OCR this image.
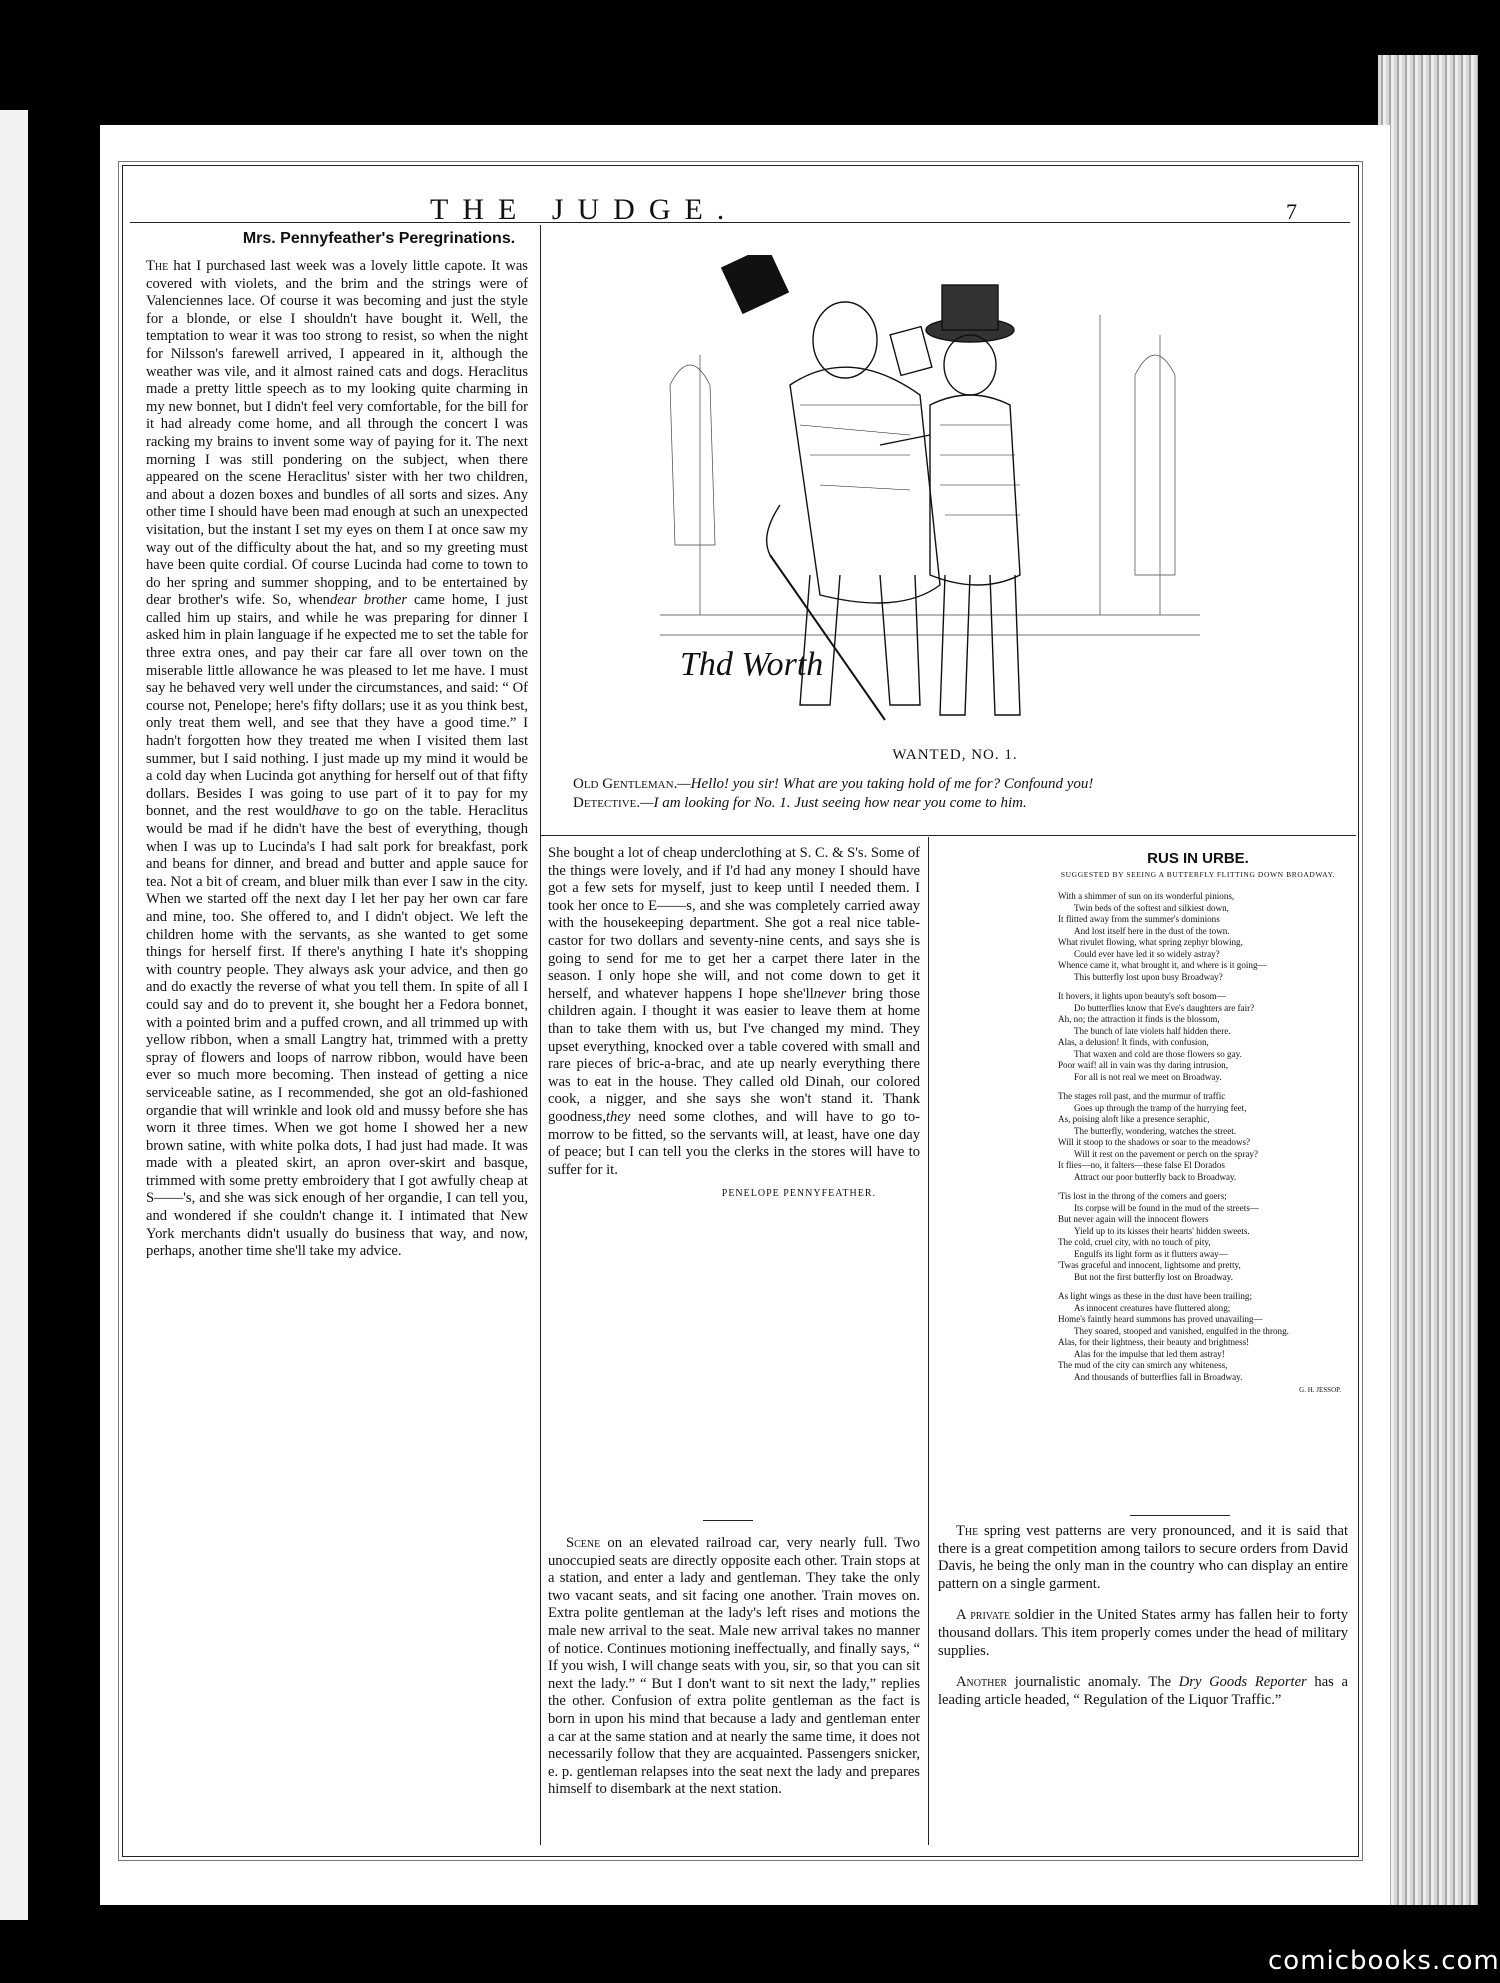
THE JUDGE.	7
Mrs. Pennyfeather's Peregrinations.

The hat I purchased last week was a lovely little capote. It was covered with violets, and the brim and the strings were of Valenciennes lace. Of course it was becoming and just the style for a blonde, or else I shouldn't have bought it. Well, the temptation to wear it was too strong to resist, so when the night for Nilsson's farewell arrived, I appeared in it, although the weather was vile, and it almost rained cats and dogs. Heraclitus made a pretty little speech as to my looking quite charming in my new bonnet, but I didn't feel very comfortable, for the bill for it had already come home, and all through the concert I was racking my brains to invent some way of paying for it. The next morning I was still pondering on the subject, when there appeared on the scene Heraclitus' sister with her two children, and about a dozen boxes and bundles of all sorts and sizes. Any other time I should have been mad enough at such an unexpected visitation, but the instant I set my eyes on them I at once saw my way out of the difficulty about the hat, and so my greeting must have been quite cordial. Of course Lucinda had come to town to do her spring and summer shopping, and to be entertained by dear brother's wife. So, whendear brother came home, I just called him up stairs, and while he was preparing for dinner I asked him in plain language if he expected me to set the table for three extra ones, and pay their car fare all over town on the miserable little allowance he was pleased to let me have. I must say he behaved very well under the circumstances, and said: “ Of course not, Penelope; here's fifty dollars; use it as you think best, only treat them well, and see that they have a good time.” I hadn't forgotten how they treated me when I visited them last summer, but I said nothing. I just made up my mind it would be a cold day when Lucinda got anything for herself out of that fifty dollars. Besides I was going to use part of it to pay for my bonnet, and the rest wouldhave to go on the table. Heraclitus would be mad if he didn't have the best of everything, though when I was up to Lucinda's I had salt pork for breakfast, pork and beans for dinner, and bread and butter and apple sauce for tea. Not a bit of cream, and bluer milk than ever I saw in the city. When we started off the next day I let her pay her own car fare and mine, too. She offered to, and I didn't object. We left the children home with the servants, as she wanted to get some things for herself first. If there's anything I hate it's shopping with country people. They always ask your advice, and then go and do exactly the reverse of what you tell them. In spite of all I could say and do to prevent it, she bought her a Fedora bonnet, with a pointed brim and a puffed crown, and all trimmed up with yellow ribbon, when a small Langtry hat, trimmed with a pretty spray of flowers and loops of narrow ribbon, would have been ever so much more becoming. Then instead of getting a nice serviceable satine, as I recommended, she got an old-fashioned organdie that will wrinkle and look old and mussy before she has worn it three times. When we got home I showed her a new brown satine, with white polka dots, I had just had made. It was made with a pleated skirt, an apron over-skirt and basque, trimmed with some pretty embroidery that I got awfully cheap at S——'s, and she was sick enough of her organdie, I can tell you, and wondered if she couldn't change it. I intimated that New York merchants didn't usually do business that way, and now, perhaps, another time she'll take my advice.

Thd Worth
WANTED, NO. 1.

Old Gentleman.—Hello! you sir! What are you taking hold of me for? Confound you!

Detective.—I am looking for No. 1. Just seeing how near you come to him.

She bought a lot of cheap underclothing at S. C. & S's. Some of the things were lovely, and if I'd had any money I should have got a few sets for myself, just to keep until I needed them. I took her once to E——s, and she was completely carried away with the housekeeping department. She got a real nice table-castor for two dollars and seventy-nine cents, and says she is going to send for me to get her a carpet there later in the season. I only hope she will, and not come down to get it herself, and whatever happens I hope she'llnever bring those children again. I thought it was easier to leave them at home than to take them with us, but I've changed my mind. They upset everything, knocked over a table covered with small and rare pieces of bric-a-brac, and ate up nearly everything there was to eat in the house. They called old Dinah, our colored cook, a nigger, and she says she won't stand it. Thank goodness,they need some clothes, and will have to go to-morrow to be fitted, so the servants will, at least, have one day of peace; but I can tell you the clerks in the stores will have to suffer for it.

PENELOPE PENNYFEATHER.

Scene on an elevated railroad car, very nearly full. Two unoccupied seats are directly opposite each other. Train stops at a station, and enter a lady and gentleman. They take the only two vacant seats, and sit facing one another. Train moves on. Extra polite gentleman at the lady's left rises and motions the male new arrival to the seat. Male new arrival takes no manner of notice. Continues motioning ineffectually, and finally says, “ If you wish, I will change seats with you, sir, so that you can sit next the lady.” “ But I don't want to sit next the lady,” replies the other. Confusion of extra polite gentleman as the fact is born in upon his mind that because a lady and gentleman enter a car at the same station and at nearly the same time, it does not necessarily follow that they are acquainted. Passengers snicker, e. p. gentleman relapses into the seat next the lady and prepares himself to disembark at the next station.

RUS IN URBE.
SUGGESTED BY SEEING A BUTTERFLY FLITTING DOWN BROADWAY.
With a shimmer of sun on its wonderful pinions,
Twin beds of the softest and silkiest down,
It flitted away from the summer's dominions
And lost itself here in the dust of the town.
What rivulet flowing, what spring zephyr blowing,
Could ever have led it so widely astray?
Whence came it, what brought it, and where is it going—
This butterfly lost upon busy Broadway?
It hovers, it lights upon beauty's soft bosom—
Do butterflies know that Eve's daughters are fair?
Ah, no; the attraction it finds is the blossom,
The bunch of late violets half hidden there.
Alas, a delusion! It finds, with confusion,
That waxen and cold are those flowers so gay.
Poor waif! all in vain was thy daring intrusion,
For all is not real we meet on Broadway.
The stages roll past, and the murmur of traffic
Goes up through the tramp of the hurrying feet,
As, poising aloft like a presence seraphic,
The butterfly, wondering, watches the street.
Will it stoop to the shadows or soar to the meadows?
Will it rest on the pavement or perch on the spray?
It flies—no, it falters—these false El Dorados
Attract our poor butterfly back to Broadway.
'Tis lost in the throng of the comers and goers;
Its corpse will be found in the mud of the streets—
But never again will the innocent flowers
Yield up to its kisses their hearts' hidden sweets.
The cold, cruel city, with no touch of pity,
Engulfs its light form as it flutters away—
'Twas graceful and innocent, lightsome and pretty,
But not the first butterfly lost on Broadway.
As light wings as these in the dust have been trailing;
As innocent creatures have fluttered along;
Home's faintly heard summons has proved unavailing—
They soared, stooped and vanished, engulfed in the throng.
Alas, for their lightness, their beauty and brightness!
Alas for the impulse that led them astray!
The mud of the city can smirch any whiteness,
And thousands of butterflies fall in Broadway.
G. H. JESSOP.

The spring vest patterns are very pronounced, and it is said that there is a great competition among tailors to secure orders from David Davis, he being the only man in the country who can display an entire pattern on a single garment.

A private soldier in the United States army has fallen heir to forty thousand dollars. This item properly comes under the head of military supplies.

Another journalistic anomaly. The Dry Goods Reporter has a leading article headed, “ Regulation of the Liquor Traffic.”

comicbooks.com
